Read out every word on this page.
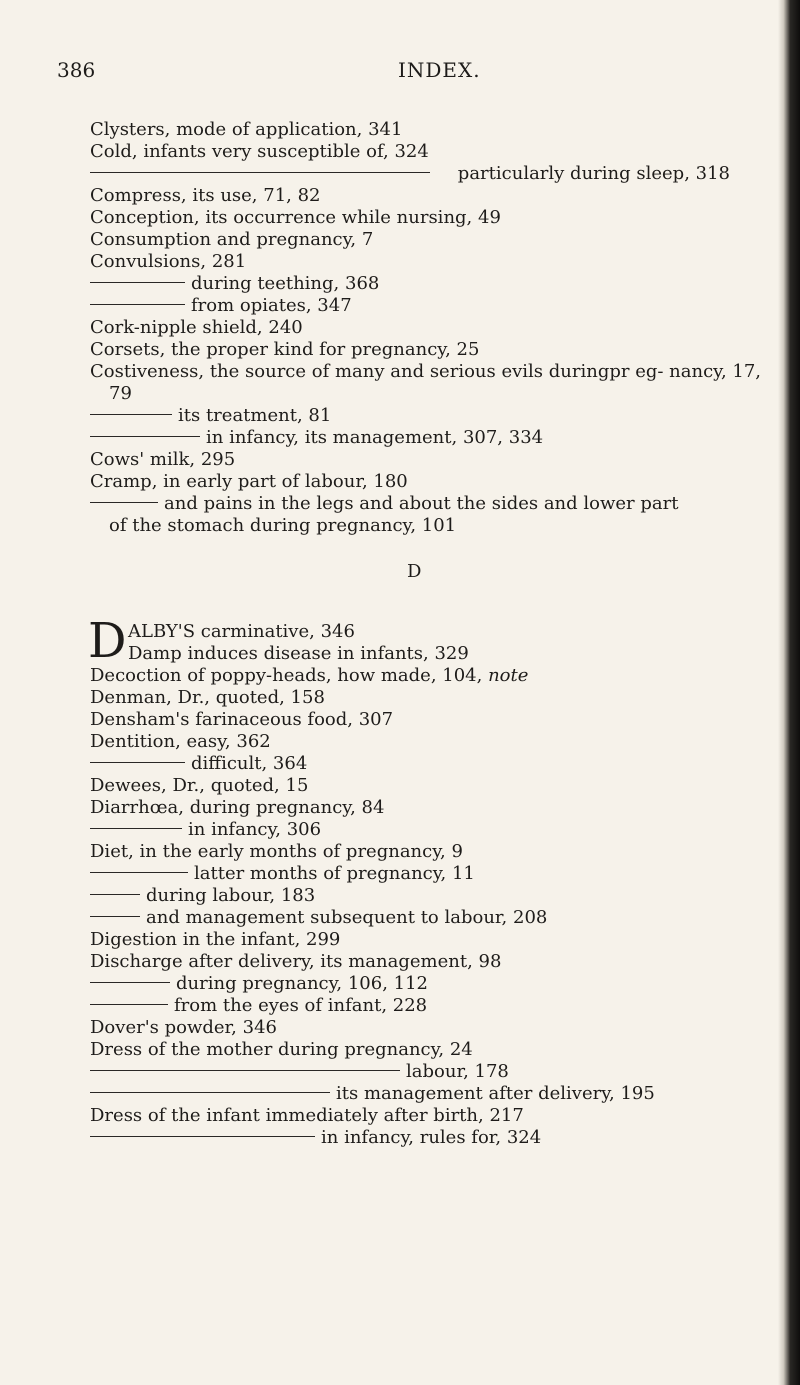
386	INDEX.
Clysters, mode of application, 341
Cold, infants very susceptible of, 324
particularly during sleep, 318
Compress, its use, 71, 82
Conception, its occurrence while nursing, 49
Consumption and pregnancy, 7
Convulsions, 281
during teething, 368
from opiates, 347
Cork-nipple shield, 240
Corsets, the proper kind for pregnancy, 25
Costiveness, the source of many and serious evils duringpr eg- nancy, 17, 79
its treatment, 81
in infancy, its management, 307, 334
Cows' milk, 295
Cramp, in early part of labour, 180
and pains in the legs and about the sides and lower part
of the stomach during pregnancy, 101
D
D ALBY'S carminative, 346
Damp induces disease in infants, 329
Decoction of poppy-heads, how made, 104, note
Denman, Dr., quoted, 158
Densham's farinaceous food, 307
Dentition, easy, 362
difficult, 364
Dewees, Dr., quoted, 15
Diarrhœa, during pregnancy, 84
in infancy, 306
Diet, in the early months of pregnancy, 9
latter months of pregnancy, 11
during labour, 183
and management subsequent to labour, 208
Digestion in the infant, 299
Discharge after delivery, its management, 98
during pregnancy, 106, 112
from the eyes of infant, 228
Dover's powder, 346
Dress of the mother during pregnancy, 24
labour, 178
its management after delivery, 195
Dress of the infant immediately after birth, 217
in infancy, rules for, 324
